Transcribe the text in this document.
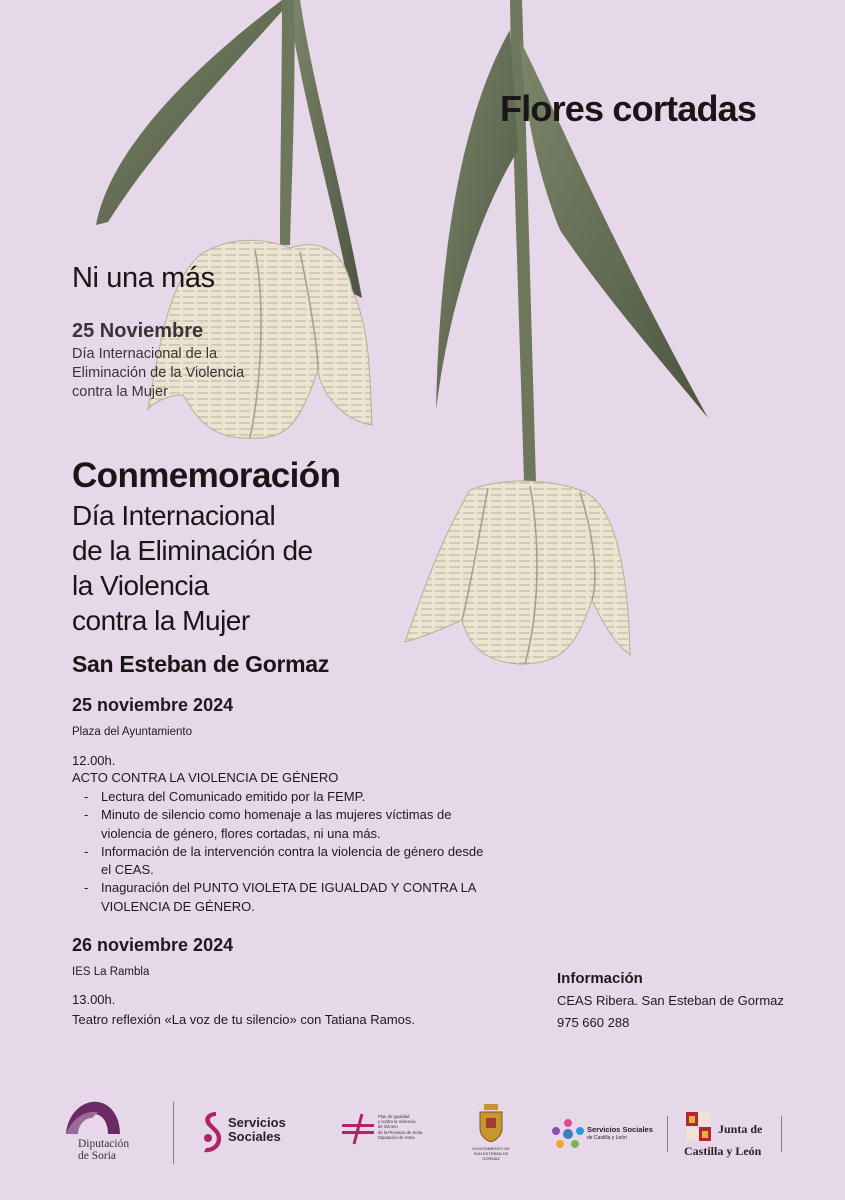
Flores cortadas
Ni una más
25 Noviembre
Día Internacional de la
Eliminación de la Violencia
contra la Mujer
Conmemoración
Día Internacional
de la Eliminación de
la Violencia
contra la Mujer
San Esteban de Gormaz
25 noviembre 2024
Plaza del Ayuntamiento
12.00h.
ACTO CONTRA LA VIOLENCIA DE GÉNERO
- Lectura del Comunicado emitido por la FEMP.
- Minuto de silencio como homenaje a las mujeres víctimas de violencia de género, flores cortadas, ni una más.
- Información de la intervención contra la violencia de género desde el CEAS.
- Inaguración del PUNTO VIOLETA DE IGUALDAD Y CONTRA LA VIOLENCIA DE GÉNERO.
26 noviembre 2024
IES La Rambla
13.00h.
Teatro reflexión «La voz de tu silencio» con Tatiana Ramos.
Información
CEAS Ribera. San Esteban de Gormaz
975 660 288
Diputación
de Soria
Servicios
Sociales
Plan de Igualdad
y contra la Violencia
de Género
de la Provincia de Soria
Diputación de Soria
AYUNTAMIENTO DE
SAN ESTEBAN DE GORMAZ
Servicios Sociales
de Castilla y León
Junta de
Castilla y León
